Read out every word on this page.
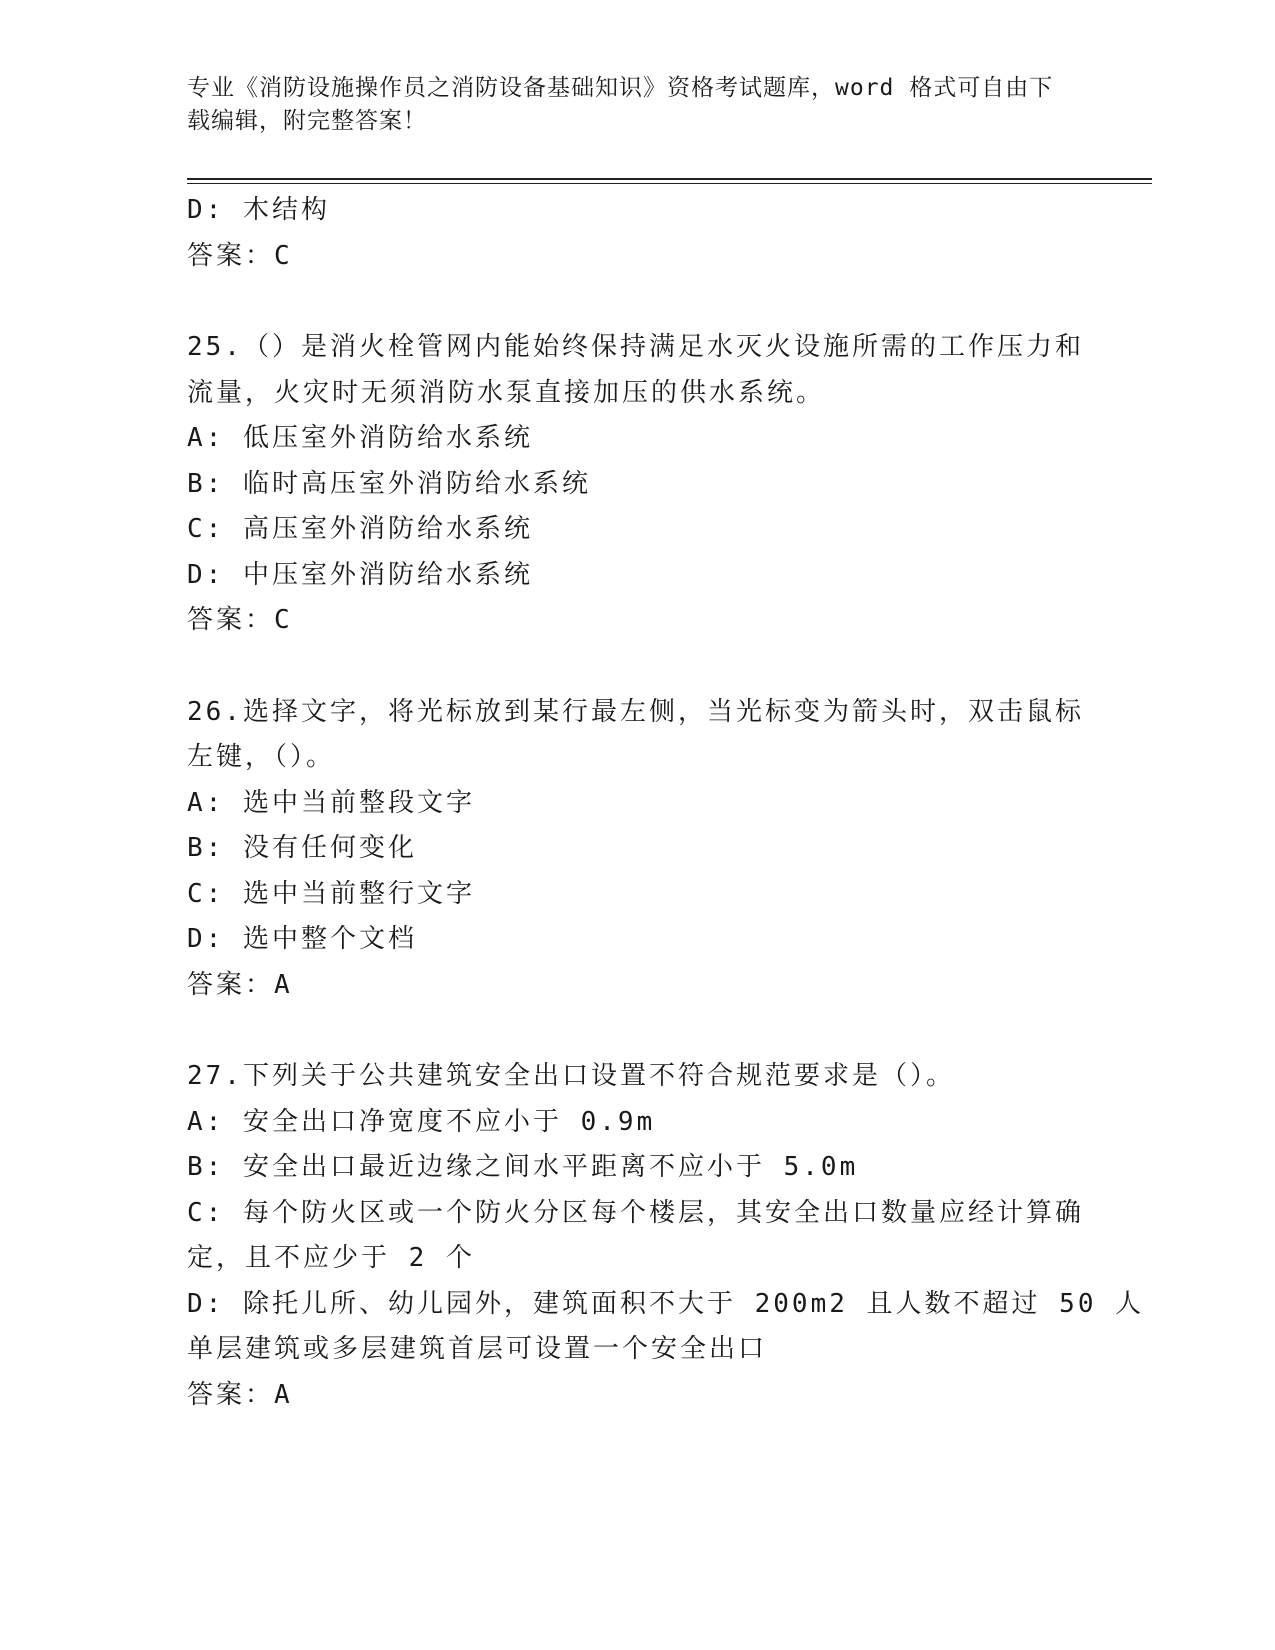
专业《消防设施操作员之消防设备基础知识》资格考试题库，word 格式可自由下
载编辑，附完整答案！
D: 木结构
答案：C
25.（）是消火栓管网内能始终保持满足水灭火设施所需的工作压力和
流量，火灾时无须消防水泵直接加压的供水系统。
A: 低压室外消防给水系统
B: 临时高压室外消防给水系统
C: 高压室外消防给水系统
D: 中压室外消防给水系统
答案：C
26.选择文字，将光标放到某行最左侧，当光标变为箭头时，双击鼠标
左键，（）。
A: 选中当前整段文字
B: 没有任何变化
C: 选中当前整行文字
D: 选中整个文档
答案：A
27.下列关于公共建筑安全出口设置不符合规范要求是（）。
A: 安全出口净宽度不应小于 0.9m
B: 安全出口最近边缘之间水平距离不应小于 5.0m
C: 每个防火区或一个防火分区每个楼层，其安全出口数量应经计算确
定，且不应少于 2 个
D: 除托儿所、幼儿园外，建筑面积不大于 200m2 且人数不超过 50 人
单层建筑或多层建筑首层可设置一个安全出口
答案：A
